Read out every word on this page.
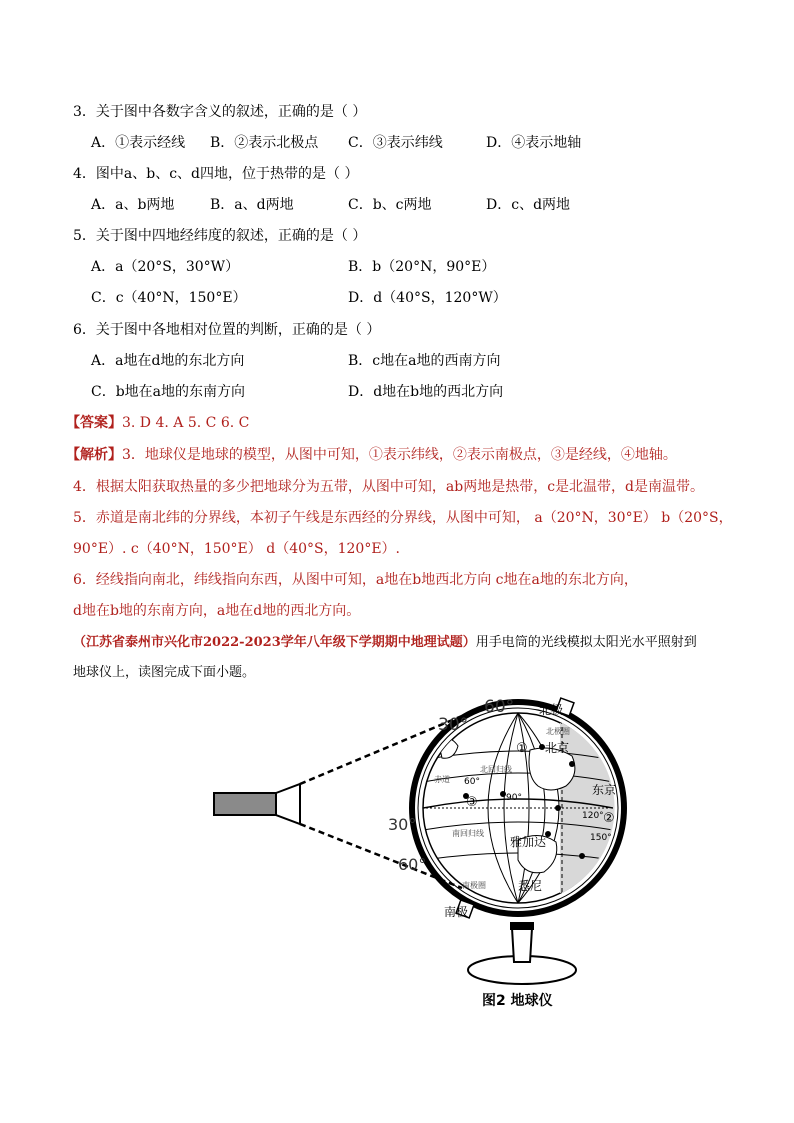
3．关于图中各数字含义的叙述，正确的是（ ）
A．①表示经线 B．②表示北极点 C．③表示纬线	D．④表示地轴
4．图中a、b、c、d四地，位于热带的是（ ）
A．a、b两地	B．a、d两地	C．b、c两地	D．c、d两地
5．关于图中四地经纬度的叙述，正确的是（ ）
A．a（20°S，30°W）	B．b（20°N，90°E）
C．c（40°N，150°E）	D．d（40°S，120°W）
6．关于图中各地相对位置的判断，正确的是（ ）
A．a地在d地的东北方向	B．c地在a地的西南方向
C．b地在a地的东南方向	D．d地在b地的西北方向
【答案】3. D 4. A 5. C 6. C
【解析】3．地球仪是地球的模型，从图中可知，①表示纬线，②表示南极点，③是经线，④地轴。
4．根据太阳获取热量的多少把地球分为五带，从图中可知，ab两地是热带，c是北温带，d是南温带。
5．赤道是南北纬的分界线，本初子午线是东西经的分界线，从图中可知， a（20°N，30°E） b（20°S，
90°E）. c（40°N，150°E） d（40°S，120°E）.
6．经线指向南北，纬线指向东西，从图中可知，a地在b地西北方向 c地在a地的东北方向，
d地在b地的东南方向，a地在d地的西北方向。
（江苏省泰州市兴化市2022-2023学年八年级下学期期中地理试题）用手电筒的光线模拟太阳光水平照射到
地球仪上，读图完成下面小题。
北极
南极
北京
东京
雅加达
悉尼
赤道
北回归线
南回归线
北极圈
南极圈
60°
30°
30°
60°
60°
90°
120°
150°
①
②
③
图2 地球仪
